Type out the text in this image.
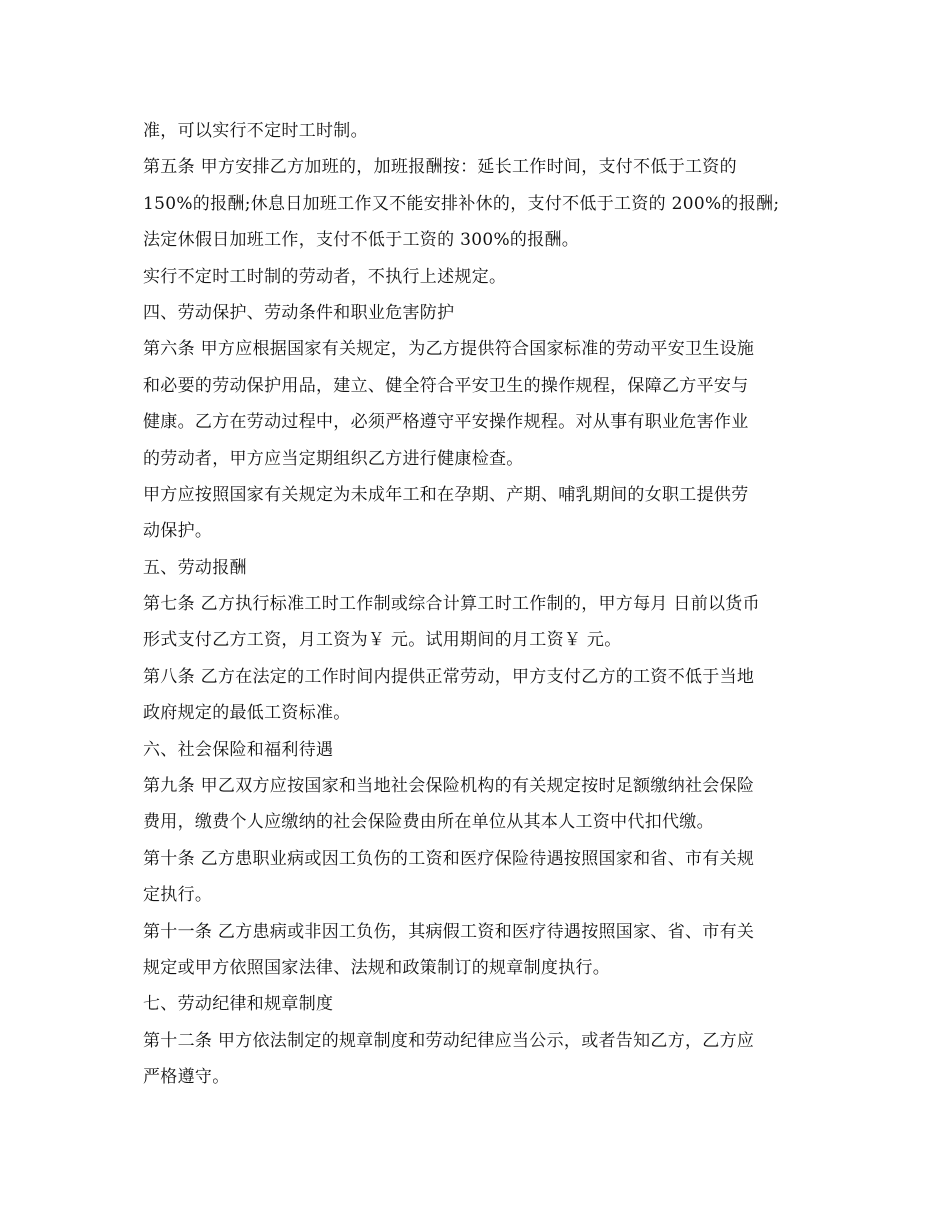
准，可以实行不定时工时制。
第五条 甲方安排乙方加班的，加班报酬按：延长工作时间，支付不低于工资的
150%的报酬;休息日加班工作又不能安排补休的，支付不低于工资的 200%的报酬;
法定休假日加班工作，支付不低于工资的 300%的报酬。
实行不定时工时制的劳动者，不执行上述规定。
四、劳动保护、劳动条件和职业危害防护
第六条 甲方应根据国家有关规定，为乙方提供符合国家标准的劳动平安卫生设施
和必要的劳动保护用品，建立、健全符合平安卫生的操作规程，保障乙方平安与
健康。乙方在劳动过程中，必须严格遵守平安操作规程。对从事有职业危害作业
的劳动者，甲方应当定期组织乙方进行健康检查。
甲方应按照国家有关规定为未成年工和在孕期、产期、哺乳期间的女职工提供劳
动保护。
五、劳动报酬
第七条 乙方执行标准工时工作制或综合计算工时工作制的，甲方每月 日前以货币
形式支付乙方工资，月工资为￥ 元。试用期间的月工资￥ 元。
第八条 乙方在法定的工作时间内提供正常劳动，甲方支付乙方的工资不低于当地
政府规定的最低工资标准。
六、社会保险和福利待遇
第九条 甲乙双方应按国家和当地社会保险机构的有关规定按时足额缴纳社会保险
费用，缴费个人应缴纳的社会保险费由所在单位从其本人工资中代扣代缴。
第十条 乙方患职业病或因工负伤的工资和医疗保险待遇按照国家和省、市有关规
定执行。
第十一条 乙方患病或非因工负伤，其病假工资和医疗待遇按照国家、省、市有关
规定或甲方依照国家法律、法规和政策制订的规章制度执行。
七、劳动纪律和规章制度
第十二条 甲方依法制定的规章制度和劳动纪律应当公示，或者告知乙方，乙方应
严格遵守。
